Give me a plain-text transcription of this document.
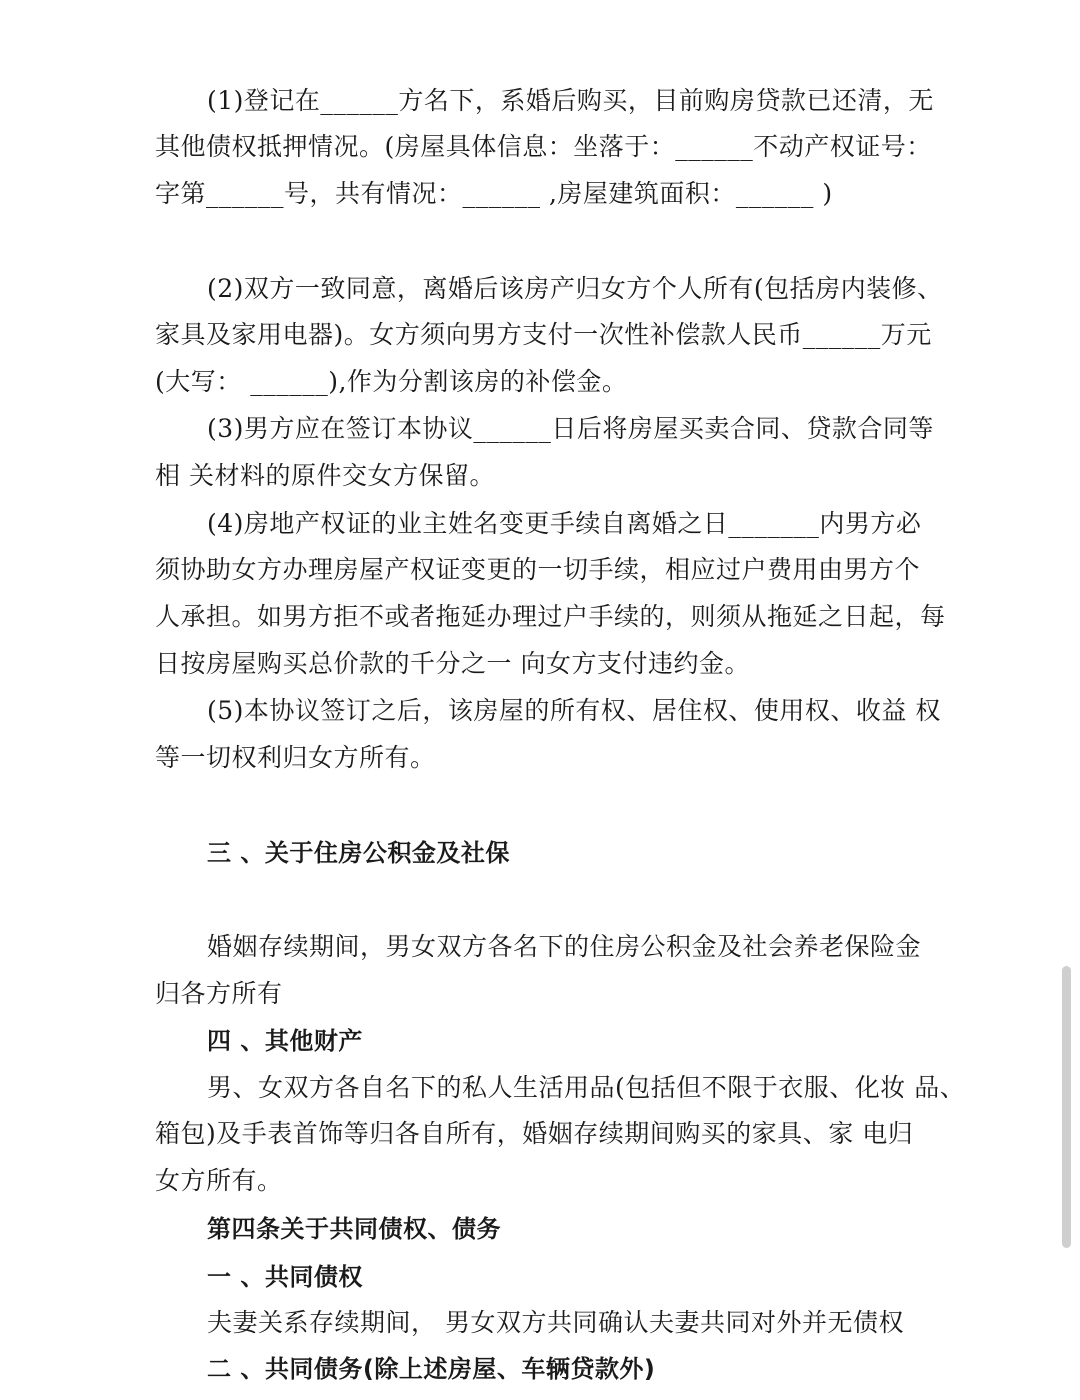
(1)登记在______方名下，系婚后购买，目前购房贷款已还清，无
其他债权抵押情况。(房屋具体信息：坐落于：______不动产权证号：
字第______号，共有情况：______ ,房屋建筑面积：______ )
(2)双方一致同意，离婚后该房产归女方个人所有(包括房内装修、
家具及家用电器)。女方须向男方支付一次性补偿款人民币______万元
(大写： ______),作为分割该房的补偿金。
(3)男方应在签订本协议______日后将房屋买卖合同、贷款合同等
相 关材料的原件交女方保留。
(4)房地产权证的业主姓名变更手续自离婚之日_______内男方必
须协助女方办理房屋产权证变更的一切手续，相应过户费用由男方个
人承担。如男方拒不或者拖延办理过户手续的，则须从拖延之日起，每
日按房屋购买总价款的千分之一 向女方支付违约金。
(5)本协议签订之后，该房屋的所有权、居住权、使用权、收益 权
等一切权利归女方所有。
三 、关于住房公积金及社保
婚姻存续期间，男女双方各名下的住房公积金及社会养老保险金
归各方所有
四 、其他财产
男、女双方各自名下的私人生活用品(包括但不限于衣服、化妆 品、
箱包)及手表首饰等归各自所有，婚姻存续期间购买的家具、家 电归
女方所有。
第四条关于共同债权、债务
一 、共同债权
夫妻关系存续期间， 男女双方共同确认夫妻共同对外并无债权
二 、共同债务(除上述房屋、车辆贷款外)
